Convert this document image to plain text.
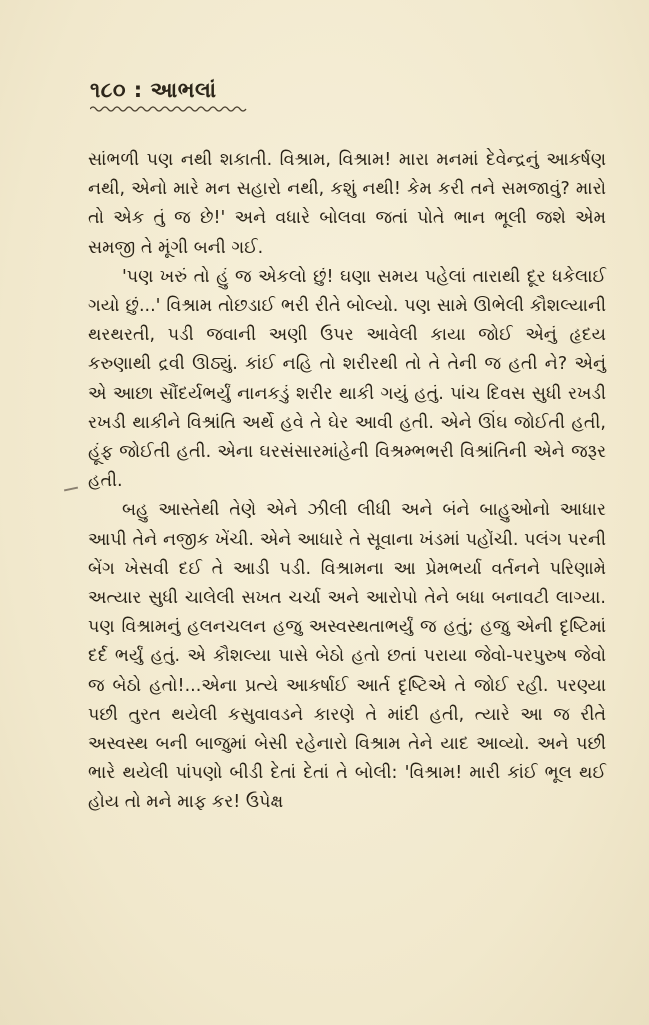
૧૮૦ : આભલાં

સાંભળી પણ નથી શકાતી. વિશ્રામ, વિશ્રામ! મારા મનમાં દેવેન્દ્રનું આકર્ષણ નથી, એનો મારે મન સહારો નથી, કશું નથી! કેમ કરી તને સમજાવું? મારો તો એક તું જ છે!' અને વધારે બોલવા જતાં પોતે ભાન ભૂલી જશે એમ સમજી તે મૂંગી બની ગઈ.

'પણ ખરું તો હું જ એકલો છું! ઘણા સમય પહેલાં તારાથી દૂર ધકેલાઈ ગયો છું...' વિશ્રામ તોછડાઈ ભરી રીતે બોલ્યો. પણ સામે ઊભેલી કૌશલ્યાની થરથરતી, પડી જવાની અણી ઉપર આવેલી કાયા જોઈ એનું હૃદય કરુણાથી દ્રવી ઊઠ્યું. કાંઈ નહિ તો શરીરથી તો તે તેની જ હતી ને? એનું એ આછા સૌંદર્યભર્યું નાનકડું શરીર થાકી ગયું હતું. પાંચ દિવસ સુધી રખડી રખડી થાકીને વિશ્રાંતિ અર્થે હવે તે ઘેર આવી હતી. એને ઊંઘ જોઈતી હતી, હૂંફ જોઈતી હતી. એના ઘરસંસારમાંહેની વિશ્રમ્ભભરી વિશ્રાંતિની એને જરૂર હતી.

બહુ આસ્તેથી તેણે એને ઝીલી લીધી અને બંને બાહુઓનો આધાર આપી તેને નજીક ખેંચી. એને આધારે તે સૂવાના ખંડમાં પહોંચી. પલંગ પરની બેંગ ખેસવી દઈ તે આડી પડી. વિશ્રામના આ પ્રેમભર્યા વર્તનને પરિણામે અત્યાર સુધી ચાલેલી સખત ચર્ચા અને આરોપો તેને બધા બનાવટી લાગ્યા. પણ વિશ્રામનું હલનચલન હજુ અસ્વસ્થતાભર્યું જ હતું; હજુ એની દૃષ્ટિમાં દર્દ ભર્યું હતું. એ કૌશલ્યા પાસે બેઠો હતો છતાં પરાયા જેવો-પરપુરુષ જેવો જ બેઠો હતો!...એના પ્રત્યે આકર્ષાઈ આર્ત દૃષ્ટિએ તે જોઈ રહી. પરણ્યા પછી તુરત થયેલી કસુવાવડને કારણે તે માંદી હતી, ત્યારે આ જ રીતે અસ્વસ્થ બની બાજુમાં બેસી રહેનારો વિશ્રામ તેને યાદ આવ્યો. અને પછી ભારે થયેલી પાંપણો બીડી દેતાં દેતાં તે બોલી: 'વિશ્રામ! મારી કાંઈ ભૂલ થઈ હોય તો મને માફ કર! ઉપેક્ષ
